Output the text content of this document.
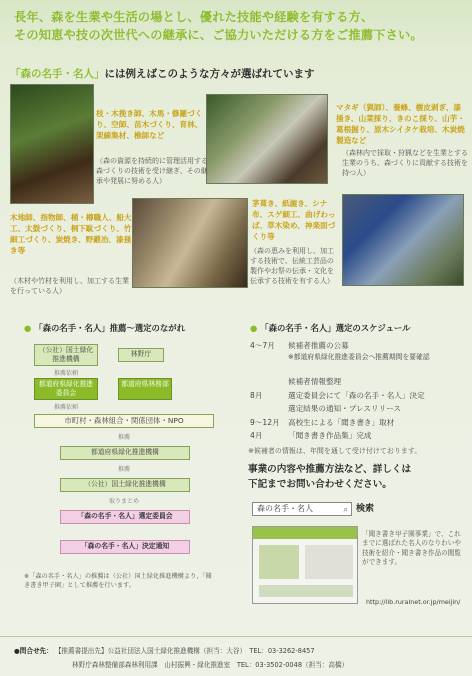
長年、森を生業や生活の場とし、優れた技能や経験を有する方、
その知恵や技の次世代への継承に、ご協力いただける方をご推薦下さい。
「森の名手・名人」には例えばこのような方々が選ばれています
枝・木挽き師、木馬・修羅づくり、空師、苗木づくり、育林、架線集材、樵師など
（森の資源を持続的に管理活用する森づくりの技術を受け継ぎ、その継承や発展に努める人）
マタギ（猟師）、養蜂、樹皮剥ぎ、漆掻き、山菜採り、きのこ採り、山芋・葛根掘り、原木シイタケ栽培、木炭焼製造など
（森林内で採取・狩猟などを生業とする生業のうち、森づくりに貢献する技術を持つ人）
木地師、指物師、桶・樽職人、船大工、太鼓づくり、桐下駄づくり、竹細工づくり、炭焼き、野鍛冶、漆掻き等
（木材や竹材を利用し、加工する生業を行っている人）
茅葺き、紙漉き、シナ布、スゲ細工、曲げわっぱ、草木染め、神楽面づくり等
（森の恵みを利用し、加工する技術で、伝統工芸品の製作やお祭の伝承・文化を伝承する技術を有する人）
● 「森の名手・名人」推薦～選定のながれ	● 「森の名手・名人」選定のスケジュール
（公社）国土緑化推進機構
林野庁
推薦依頼
都道府県緑化推進委員会
都道府県林務部
推薦依頼
市町村・森林組合・関係団体・NPO
推薦
都道府県緑化推進機構
推薦
（公社）国土緑化推進機構
取りまとめ
「森の名手・名人」選定委員会
「森の名手・名人」決定通知
4～7月 候補者推薦の公募
※都道府県緑化推進委員会へ推薦期間を要確認
候補者情報整理
8月	選定委員会にて「森の名手・名人」決定
選定結果の通知・プレスリリース
9～12月 高校生による「聞き書き」取材
4月	「聞き書き作品集」完成
※候補者の情報は、年間を通して受け付けております。
事業の内容や推薦方法など、詳しくは
下記までお問い合わせください。
森の名手・名人	⌕ 検索
「聞き書き甲子園事業」で、これまでに選ばれた名人のなりわいや技術を紹介・聞き書き作品の閲覧ができます。
http://lib.ruralnet.or.jp/meijin/
※「森の名手・名人」の推薦は（公社）国土緑化推進機構より、「聞き書き甲子園」として推薦を行います。
●問合せ先： 【推薦書提出先】公益社団法人国土緑化推進機構（担当：大谷）　 TEL：03-3262-8457
林野庁森林整備部森林利用課　山村振興・緑化推進室　 TEL：03-3502-0048（担当：高橋）
